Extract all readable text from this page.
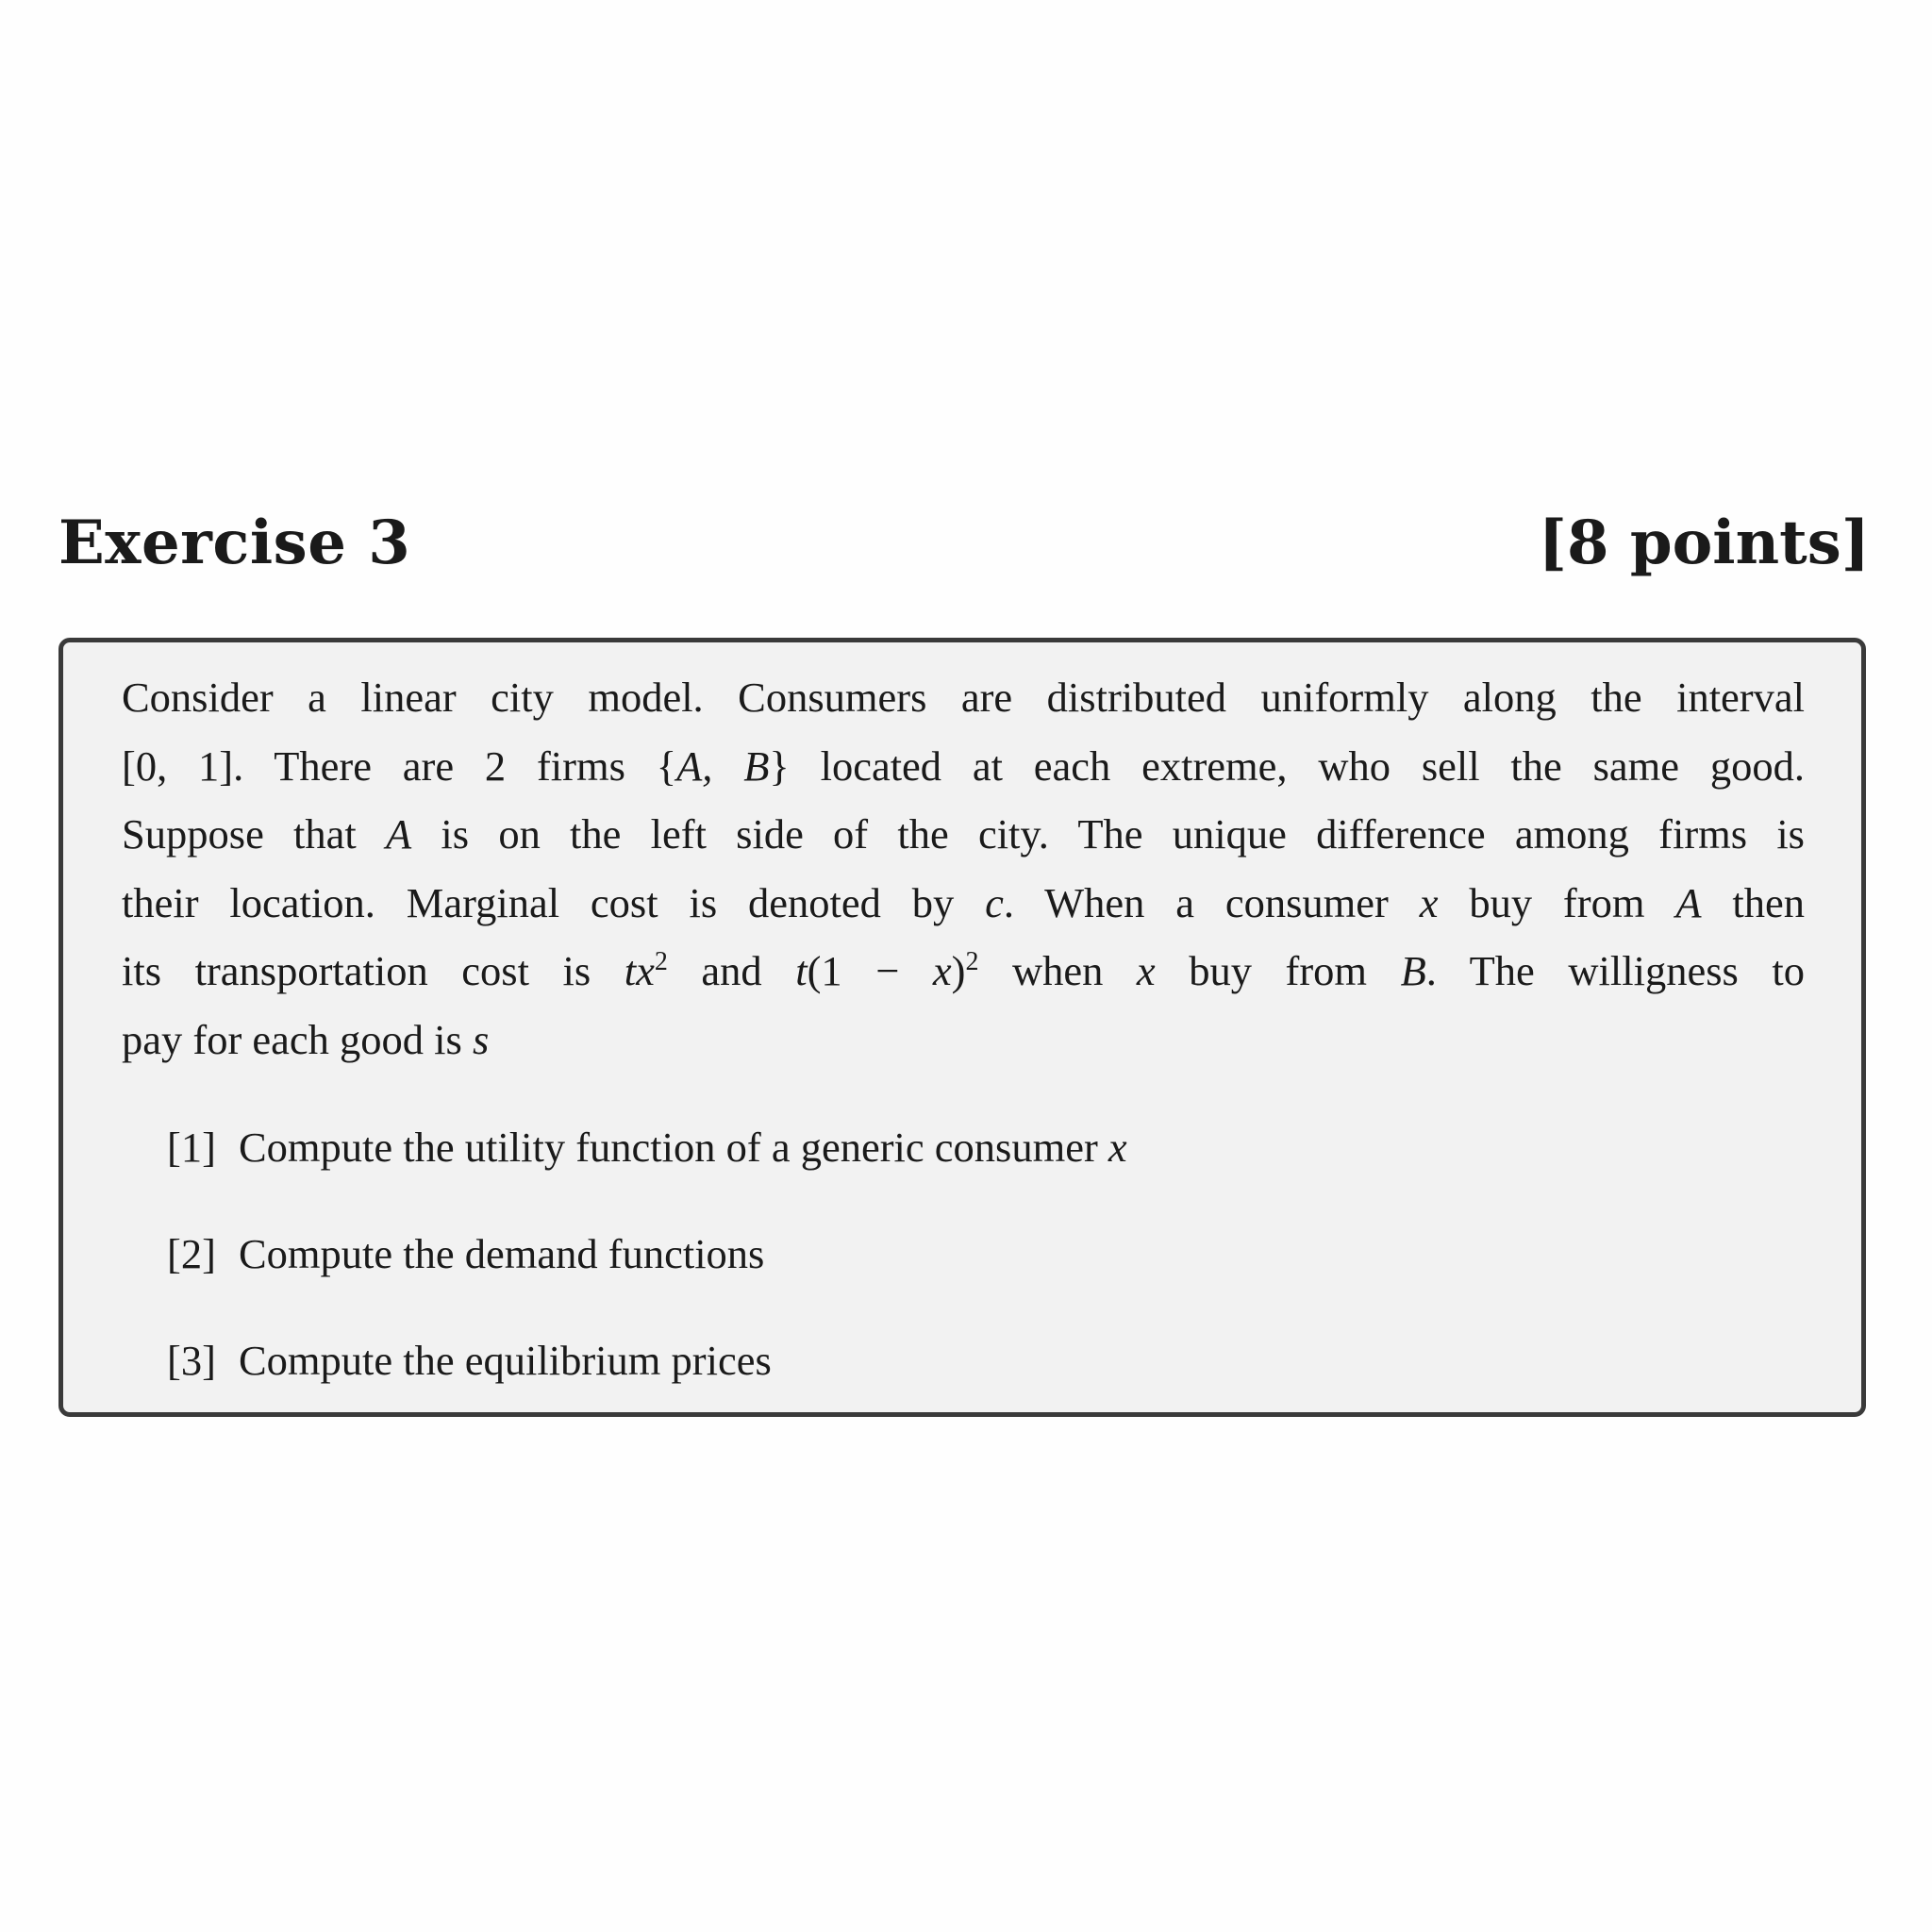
Exercise 3	[8 points]

Consider a linear city model. Consumers are distributed uniformly along the interval
[0, 1]. There are 2 firms {A, B} located at each extreme, who sell the same good.
Suppose that A is on the left side of the city. The unique difference among firms is
their location. Marginal cost is denoted by c. When a consumer x buy from A then
its transportation cost is $tx^2$ and $t(1 - x)^2$ when x buy from B. The willigness to
pay for each good is s

[1] Compute the utility function of a generic consumer x
[2] Compute the demand functions
[3] Compute the equilibrium prices
